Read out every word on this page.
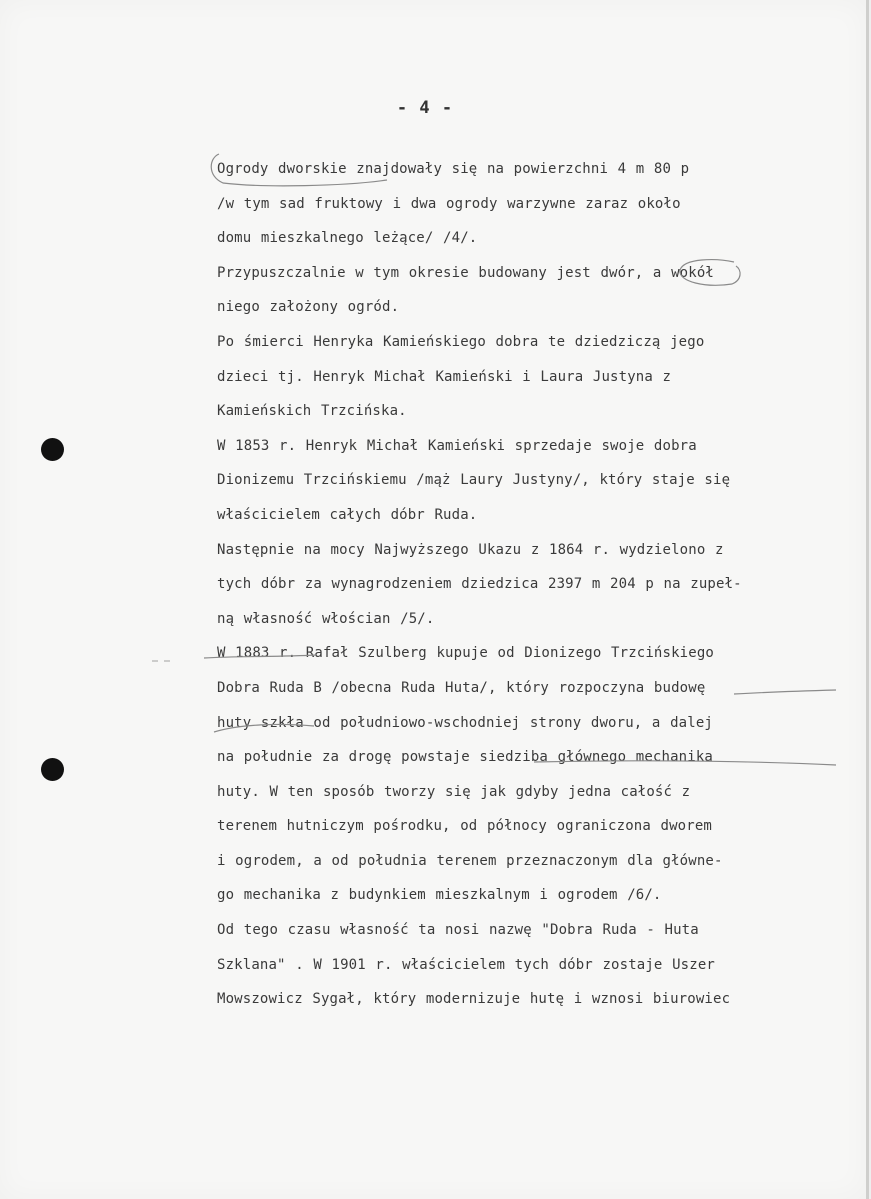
- 4 -
Ogrody dworskie znajdowały się na powierzchni 4 m 80 p
/w tym sad fruktowy i dwa ogrody warzywne zaraz około
domu mieszkalnego leżące/ /4/.
Przypuszczalnie w tym okresie budowany jest dwór, a wokół
niego założony ogród.
Po śmierci Henryka Kamieńskiego dobra te dziedziczą jego
dzieci tj. Henryk Michał Kamieński i Laura Justyna z
Kamieńskich Trzcińska.
W 1853 r. Henryk Michał Kamieński sprzedaje swoje dobra
Dionizemu Trzcińskiemu /mąż Laury Justyny/, który staje się
właścicielem całych dóbr Ruda.
Następnie na mocy Najwyższego Ukazu z 1864 r. wydzielono z
tych dóbr za wynagrodzeniem dziedzica 2397 m 204 p na zupeł-
ną własność włościan /5/.
W 1883 r. Rafał Szulberg kupuje od Dionizego Trzcińskiego
Dobra Ruda B /obecna Ruda Huta/, który rozpoczyna budowę
huty szkła od południowo-wschodniej strony dworu, a dalej
na południe za drogę powstaje siedziba głównego mechanika
huty. W ten sposób tworzy się jak gdyby jedna całość z
terenem hutniczym pośrodku, od północy ograniczona dworem
i ogrodem, a od południa terenem przeznaczonym dla główne-
go mechanika z budynkiem mieszkalnym i ogrodem /6/.
Od tego czasu własność ta nosi nazwę "Dobra Ruda - Huta
Szklana" . W 1901 r. właścicielem tych dóbr zostaje Uszer
Mowszowicz Sygał, który modernizuje hutę i wznosi biurowiec
